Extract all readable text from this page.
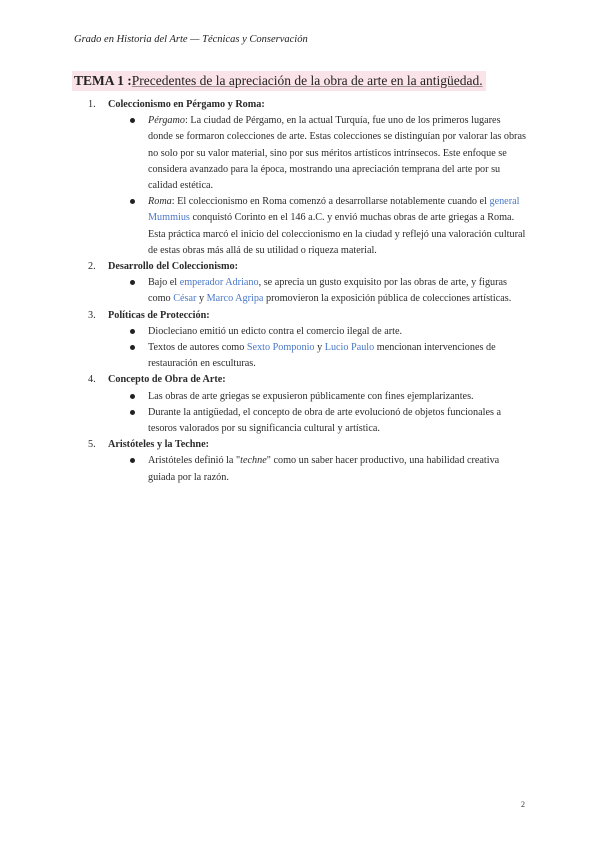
Grado en Historia del Arte — Técnicas y Conservación
TEMA 1 :Precedentes de la apreciación de la obra de arte en la antigüedad.
1. Coleccionismo en Pérgamo y Roma:
Pérgamo: La ciudad de Pérgamo, en la actual Turquía, fue uno de los primeros lugares donde se formaron colecciones de arte. Estas colecciones se distinguían por valorar las obras no solo por su valor material, sino por sus méritos artísticos intrínsecos. Este enfoque se considera avanzado para la época, mostrando una apreciación temprana del arte por su calidad estética.
Roma: El coleccionismo en Roma comenzó a desarrollarse notablemente cuando el general Mummius conquistó Corinto en el 146 a.C. y envió muchas obras de arte griegas a Roma. Esta práctica marcó el inicio del coleccionismo en la ciudad y reflejó una valoración cultural de estas obras más allá de su utilidad o riqueza material.
2. Desarrollo del Coleccionismo:
Bajo el emperador Adriano, se aprecia un gusto exquisito por las obras de arte, y figuras como César y Marco Agripa promovieron la exposición pública de colecciones artísticas.
3. Políticas de Protección:
Diocleciano emitió un edicto contra el comercio ilegal de arte.
Textos de autores como Sexto Pomponio y Lucio Paulo mencionan intervenciones de restauración en esculturas.
4. Concepto de Obra de Arte:
Las obras de arte griegas se expusieron públicamente con fines ejemplarizantes.
Durante la antigüedad, el concepto de obra de arte evolucionó de objetos funcionales a tesoros valorados por su significancia cultural y artística.
5. Aristóteles y la Techne:
Aristóteles definió la "techne" como un saber hacer productivo, una habilidad creativa guiada por la razón.
2
